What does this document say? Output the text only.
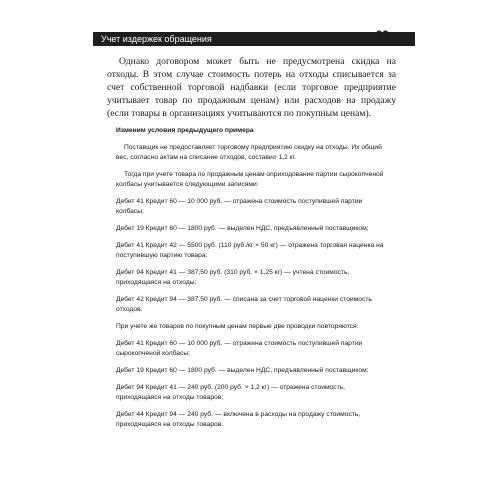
Учет издержек обращения	93

Однако договором может быть не предусмотрена скидка на отходы. В этом случае стоимость потерь на отходы списывается за счет собственной торговой надбавки (если торговое предприятие учитывает товар по продажным ценам) или расходов на продажу (если товары в организациях учитываются по покупным ценам).

Изменим условия предыдущего примера

Поставщик не предоставляет торговому предприятию скидку на отходы. Их общий вес, согласно актам на списание отходов, составил 1,2 кг.

Тогда при учете товара по продажным ценам оприходование партии сырокопченой колбасы учитывается следующими записями:

Дебет 41 Кредит 60 — 10 000 руб. — отражена стоимость поступившей партии колбасы;

Дебет 19 Кредит 60 — 1800 руб. — выделен НДС, предъявленный поставщиком;

Дебет 41 Кредит 42 — 5500 руб. (110 руб./кг × 50 кг) — отражена торговая наценка на поступившую партию товара;

Дебет 94 Кредит 41 — 387,50 руб. (310 руб. × 1,25 кг) — учтена стоимость, приходящаяся на отходы;

Дебет 42 Кредит 94 — 387,50 руб. — списана за счет торговой наценки стоимость отходов.

При учете же товаров по покупным ценам первые две проводки повторяются:

Дебет 41 Кредит 60 — 10 000 руб. — отражена стоимость поступившей партии сырокопченой колбасы;

Дебет 19 Кредит 60 — 1800 руб. — выделен НДС, предъявленный поставщиком;

Дебет 94 Кредит 41 — 240 руб. (200 руб. × 1,2 кг) — отражена стоимость, приходящаяся на отходы товаров;

Дебет 44 Кредит 94 — 240 руб. — включена в расходы на продажу стоимость, приходящаяся на отходы товаров.
